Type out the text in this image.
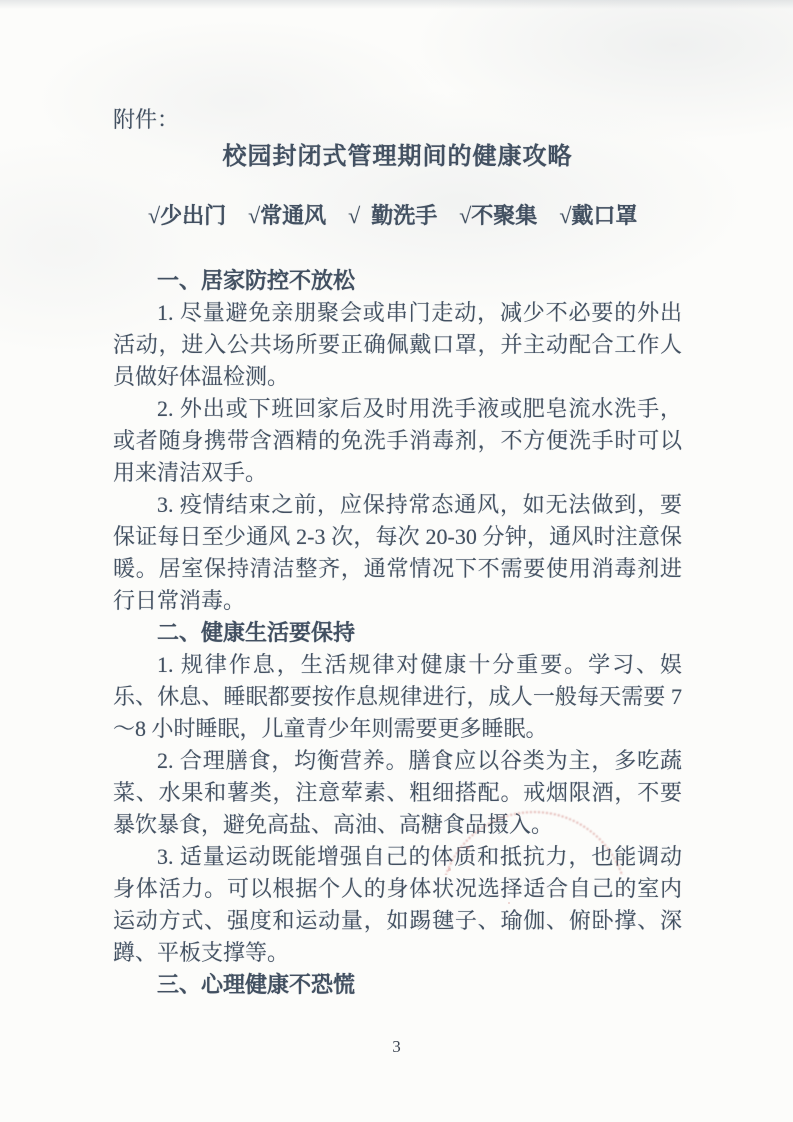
附件：
校园封闭式管理期间的健康攻略
√少出门 √常通风 √  勤洗手 √不聚集 √戴口罩

一、居家防控不放松

1. 尽量避免亲朋聚会或串门走动，减少不必要的外出活动，进入公共场所要正确佩戴口罩，并主动配合工作人员做好体温检测。

2. 外出或下班回家后及时用洗手液或肥皂流水洗手，或者随身携带含酒精的免洗手消毒剂，不方便洗手时可以用来清洁双手。

3. 疫情结束之前，应保持常态通风，如无法做到，要保证每日至少通风 2-3 次，每次 20-30 分钟，通风时注意保暖。居室保持清洁整齐，通常情况下不需要使用消毒剂进行日常消毒。

二、健康生活要保持

1. 规律作息，生活规律对健康十分重要。学习、娱乐、休息、睡眠都要按作息规律进行，成人一般每天需要 7～8 小时睡眠，儿童青少年则需要更多睡眠。

2. 合理膳食，均衡营养。膳食应以谷类为主，多吃蔬菜、水果和薯类，注意荤素、粗细搭配。戒烟限酒，不要暴饮暴食，避免高盐、高油、高糖食品摄入。

3. 适量运动既能增强自己的体质和抵抗力，也能调动身体活力。可以根据个人的身体状况选择适合自己的室内运动方式、强度和运动量，如踢毽子、瑜伽、俯卧撑、深蹲、平板支撑等。

三、心理健康不恐慌

3
